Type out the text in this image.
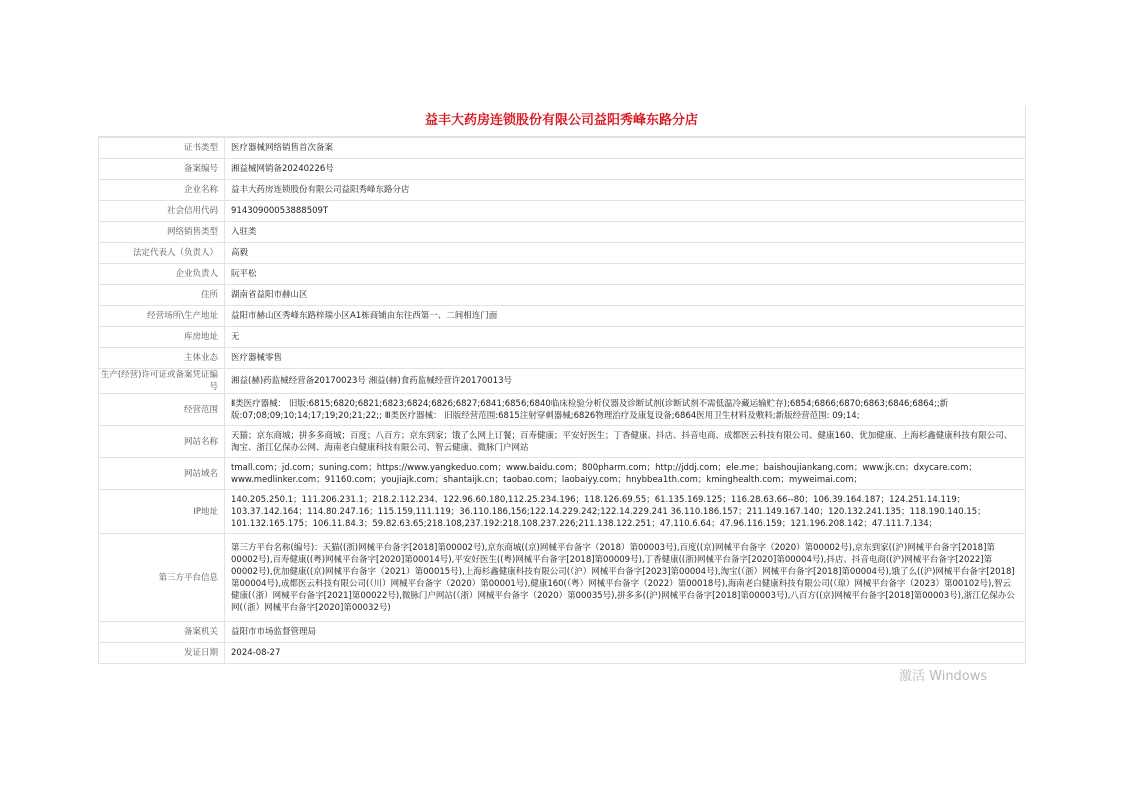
益丰大药房连锁股份有限公司益阳秀峰东路分店
证书类型	医疗器械网络销售首次备案
备案编号	湘益械网销备20240226号
企业名称	益丰大药房连锁股份有限公司益阳秀峰东路分店
社会信用代码	91430900053888509T
网络销售类型	入驻类
法定代表人（负责人）	高毅
企业负责人	阮平松
住所	湖南省益阳市赫山区
经营场所\生产地址	益阳市赫山区秀峰东路梓瑞小区A1栋商铺由东往西第一、二间相连门面
库房地址	无
主体业态	医疗器械零售
生产(经营)许可证或备案凭证编号	湘益(赫)药监械经营备20170023号 湘益(赫)食药监械经营许20170013号
经营范围	Ⅱ类医疗器械： 旧版:6815;6820;6821;6823;6824;6826;6827;6841;6856;6840临床检验分析仪器及诊断试剂(诊断试剂不需低温冷藏运输贮存);6854;6866;6870;6863;6846;6864;;新版:07;08;09;10;14;17;19;20;21;22;; Ⅲ类医疗器械： 旧版经营范围:6815注射穿刺器械;6826物理治疗及康复设备;6864医用卫生材料及敷料;新版经营范围: 09;14;
网站名称	天猫；京东商城；拼多多商城；百度；八百方；京东到家；饿了么网上订餐；百寿健康；平安好医生；丁香健康、抖店、抖音电商、成都医云科技有限公司、健康160、优加健康、上海杉鑫健康科技有限公司、淘宝、浙江亿保办公网、海南老白健康科技有限公司、智云健康、微脉门户网站
网站域名	tmall.com；jd.com；suning.com；https://www.yangkeduo.com；www.baidu.com；800pharm.com；http://jddj.com；ele.me；baishoujiankang.com；www.jk.cn；dxycare.com；www.medlinker.com；91160.com；youjiajk.com；shantaijk.cn；taobao.com；laobaiyy.com；hnybbea1th.com；kminghealth.com；myweimai.com；
IP地址	140.205.250.1；111.206.231.1；218.2.112.234、122.96.60.180,112.25.234.196；118.126.69.55；61.135.169.125；116.28.63.66--80；106.39.164.187；124.251.14.119；103.37.142.164；114.80.247.16；115.159,111.119；36.110.186,156;122.14.229.242;122.14.229.241 36.110.186.157；211.149.167.140；120.132.241.135；118.190.140.15；101.132.165.175；106.11.84.3；59.82.63.65;218.108,237.192:218.108.237.226;211.138.122.251；47.110.6.64；47.96.116.159；121.196.208.142；47.111.7.134；
第三方平台信息	第三方平台名称(编号)：天猫((浙)网械平台备字[2018]第00002号),京东商城((京)网械平台备字（2018）第00003号),百度((京)网械平台备字（2020）第00002号),京东到家((沪)网械平台备字[2018]第00002号),百寿健康((粤)网械平台备字[2020]第00014号),平安好医生((粤)网械平台备字[2018]第00009号),丁香健康((浙)网械平台备字[2020]第00004号),抖店、抖音电商((沪)网械平台备字[2022]第00002号),优加健康((京)网械平台备字（2021）第00015号),上海杉鑫健康科技有限公司(（沪）网械平台备字[2023]第00004号),淘宝(（浙）网械平台备字[2018]第00004号),饿了么((沪)网械平台备字[2018]第00004号),成都医云科技有限公司(（川）网械平台备字（2020）第00001号),健康160(（粤）网械平台备字（2022）第00018号),海南老白健康科技有限公司(（琼）网械平台备字（2023）第00102号),智云健康(（浙）网械平台备字[2021]第00022号),微脉门户网站(（浙）网械平台备字（2020）第00035号),拼多多((沪)网械平台备字[2018]第00003号),八百方((京)网械平台备字[2018]第00003号),浙江亿保办公网(（浙）网械平台备字[2020]第00032号)
备案机关	益阳市市场监督管理局
发证日期	2024-08-27
激活 Windows
